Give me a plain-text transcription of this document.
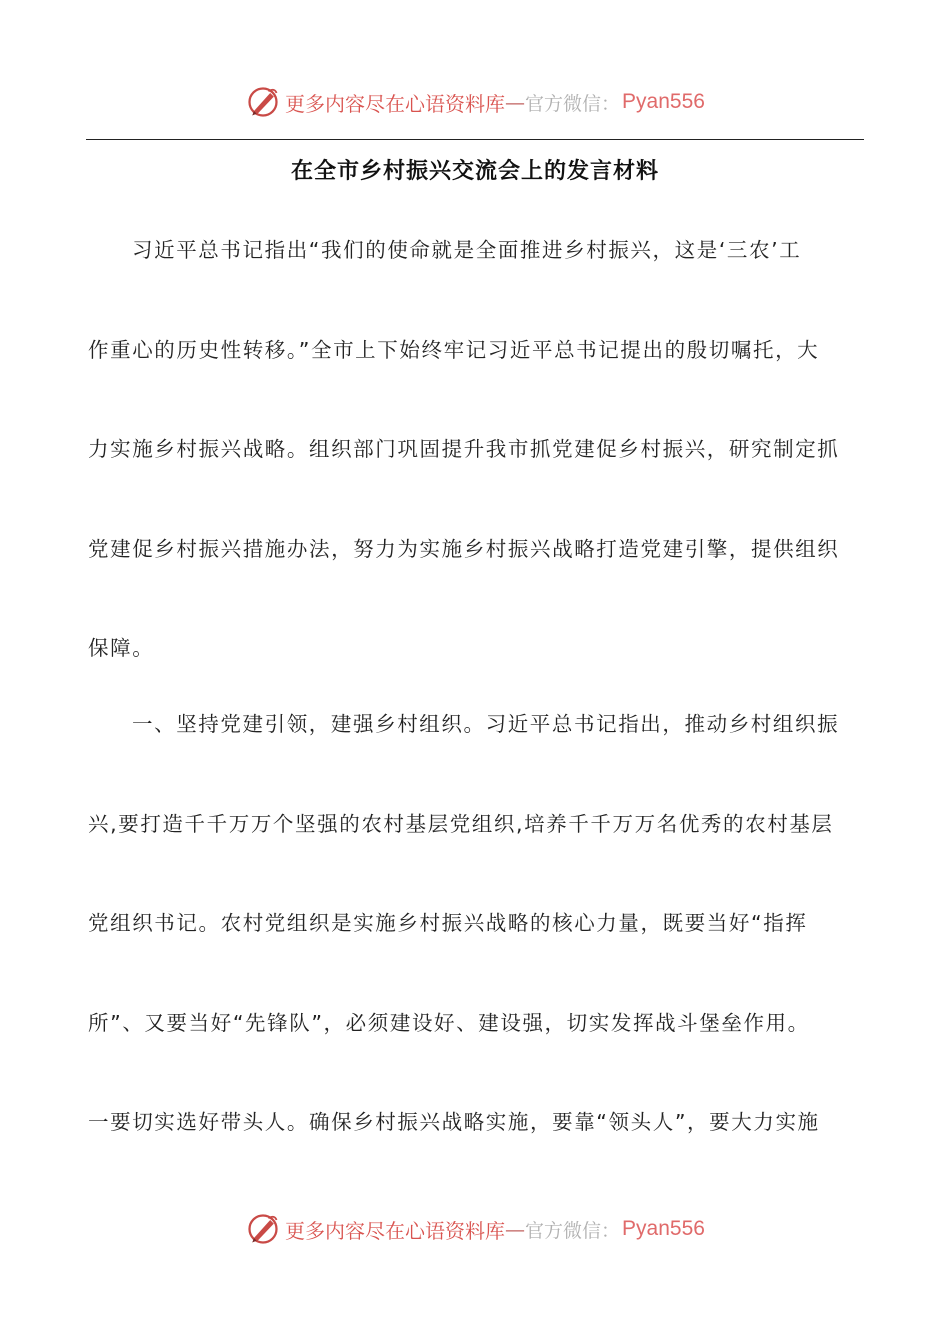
更多内容尽在心语资料库 — 官方微信： Pyan556
在全市乡村振兴交流会上的发言材料
习近平总书记指出“我们的使命就是全面推进乡村振兴，这是‘三农’工
作重心的历史性转移。”全市上下始终牢记习近平总书记提出的殷切嘱托，大
力实施乡村振兴战略。组织部门巩固提升我市抓党建促乡村振兴，研究制定抓
党建促乡村振兴措施办法，努力为实施乡村振兴战略打造党建引擎，提供组织
保障。
一、坚持党建引领，建强乡村组织。习近平总书记指出，推动乡村组织振
兴,要打造千千万万个坚强的农村基层党组织,培养千千万万名优秀的农村基层
党组织书记。农村党组织是实施乡村振兴战略的核心力量，既要当好“指挥
所”、又要当好“先锋队”，必须建设好、建设强，切实发挥战斗堡垒作用。
一要切实选好带头人。确保乡村振兴战略实施，要靠“领头人”，要大力实施
更多内容尽在心语资料库 — 官方微信： Pyan556
